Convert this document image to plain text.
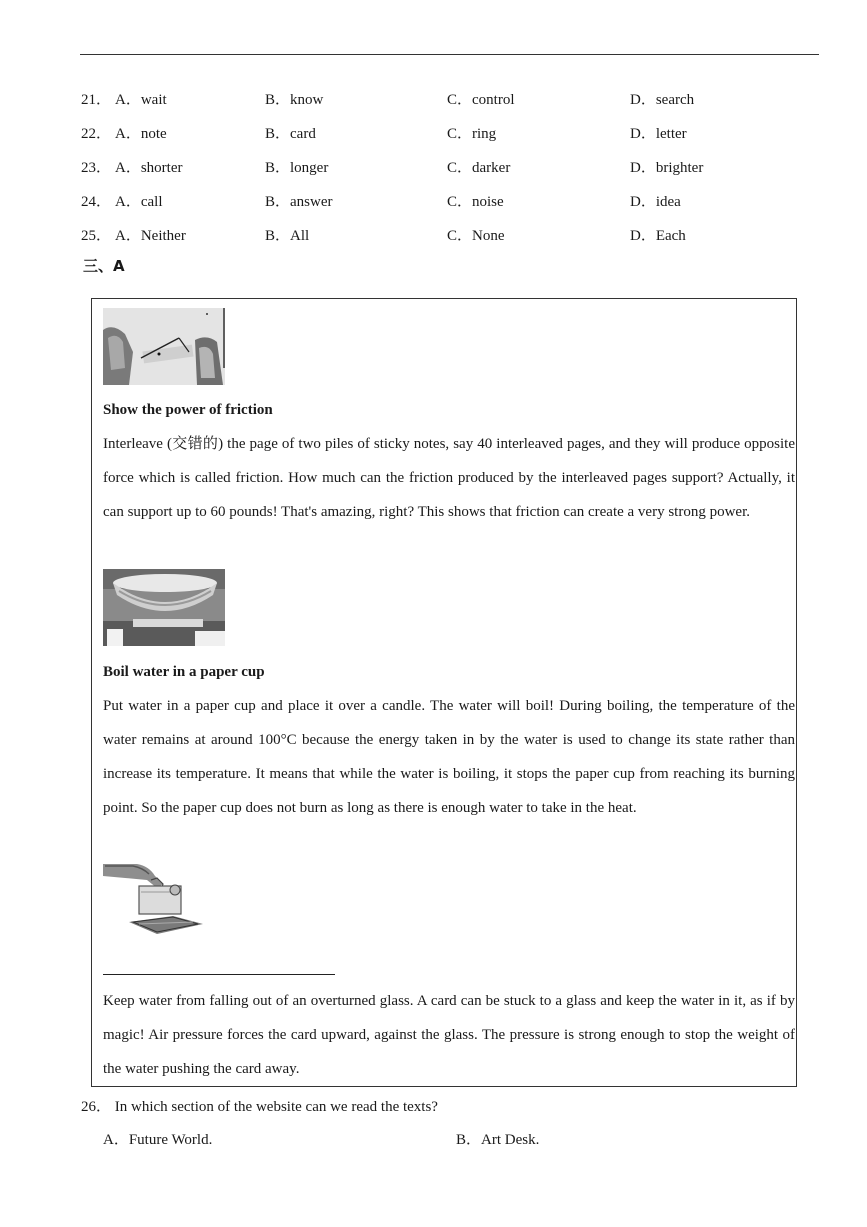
21． A．wait	B．know	C．control	D．search
22． A．note	B．card	C．ring	D．letter
23． A．shorter	B．longer	C．darker	D．brighter
24． A．call	B．answer	C．noise	D．idea
25． A．Neither	B．All	C．None	D．Each
三、A
Show the power of friction
Interleave (交错的) the page of two piles of sticky notes, say 40 interleaved pages, and they will produce opposite force which is called friction. How much can the friction produced by the interleaved pages support? Actually, it can support up to 60 pounds! That's amazing, right? This shows that friction can create a very strong power.
Boil water in a paper cup
Put water in a paper cup and place it over a candle. The water will boil! During boiling, the temperature of the water remains at around 100°C because the energy taken in by the water is used to change its state rather than increase its temperature. It means that while the water is boiling, it stops the paper cup from reaching its burning point. So the paper cup does not burn as long as there is enough water to take in the heat.
Keep water from falling out of an overturned glass. A card can be stuck to a glass and keep the water in it, as if by magic! Air pressure forces the card upward, against the glass. The pressure is strong enough to stop the weight of the water pushing the card away.
26． In which section of the website can we read the texts?
A．Future World.	B．Art Desk.
